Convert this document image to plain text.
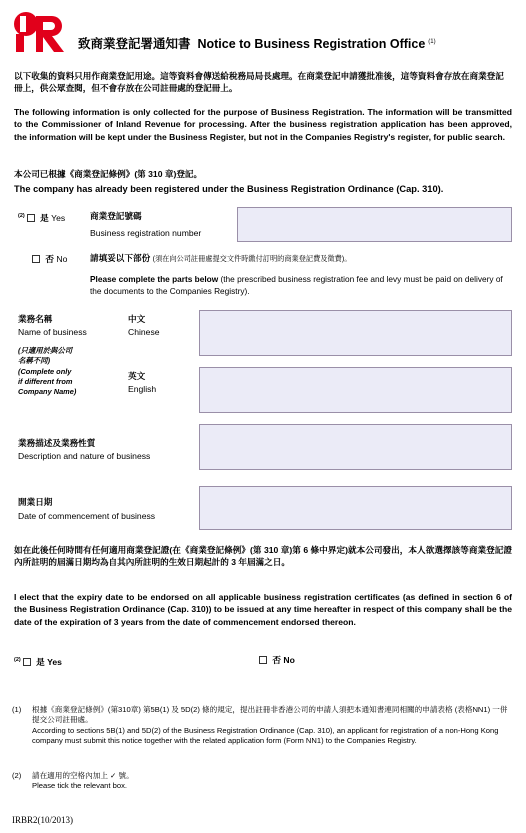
致商業登記署通知書 Notice to Business Registration Office $^{(1)}$
以下收集的資料只用作商業登記用途。這等資料會傳送給稅務局局長處理。在商業登記申請獲批准後，這等資料會存放在商業登記冊上，供公眾查閱，但不會存放在公司註冊處的登記冊上。
The following information is only collected for the purpose of Business Registration. The information will be transmitted to the Commissioner of Inland Revenue for processing. After the business registration application has been approved, the information will be kept under the Business Register, but not in the Companies Registry's register, for public search.
本公司已根據《商業登記條例》(第 310 章)登記。
The company has already been registered under the Business Registration Ordinance (Cap. 310).
$^{(2)}$ 是 Yes	商業登記號碼
Business registration number
否 No	請填妥以下部份 (須在向公司註冊處提交文件時繳付訂明的商業登記費及徵費)。
Please complete the parts below (the prescribed business registration fee and levy must be paid on delivery of the documents to the Companies Registry).
業務名稱
Name of business
中文
Chinese
(只適用於與公司
名稱不同)
(Complete only
if different from
Company Name)
英文
English
業務描述及業務性質
Description and nature of business
開業日期
Date of commencement of business
如在此後任何時間有任何適用商業登記證(在《商業登記條例》(第 310 章)第 6 條中界定)就本公司發出，本人欲選擇該等商業登記證內所註明的屆滿日期均為自其內所註明的生效日期起計的 3 年屆滿之日。
I elect that the expiry date to be endorsed on all applicable business registration certificates (as defined in section 6 of the Business Registration Ordinance (Cap. 310)) to be issued at any time hereafter in respect of this company shall be the date of the expiration of 3 years from the date of commencement endorsed thereon.
$^{(2)}$ 是 Yes	否 No
(1) 根據《商業登記條例》(第310章) 第5B(1) 及 5D(2) 條的規定，提出註冊非香港公司的申請人須把本通知書連同相關的申請表格 (表格NN1) 一併提交公司註冊處。
According to sections 5B(1) and 5D(2) of the Business Registration Ordinance (Cap. 310), an applicant for registration of a non-Hong Kong company must submit this notice together with the related application form (Form NN1) to the Companies Registry.
(2) 請在適用的空格內加上 ✓ 號。
Please tick the relevant box.
IRBR2(10/2013)
